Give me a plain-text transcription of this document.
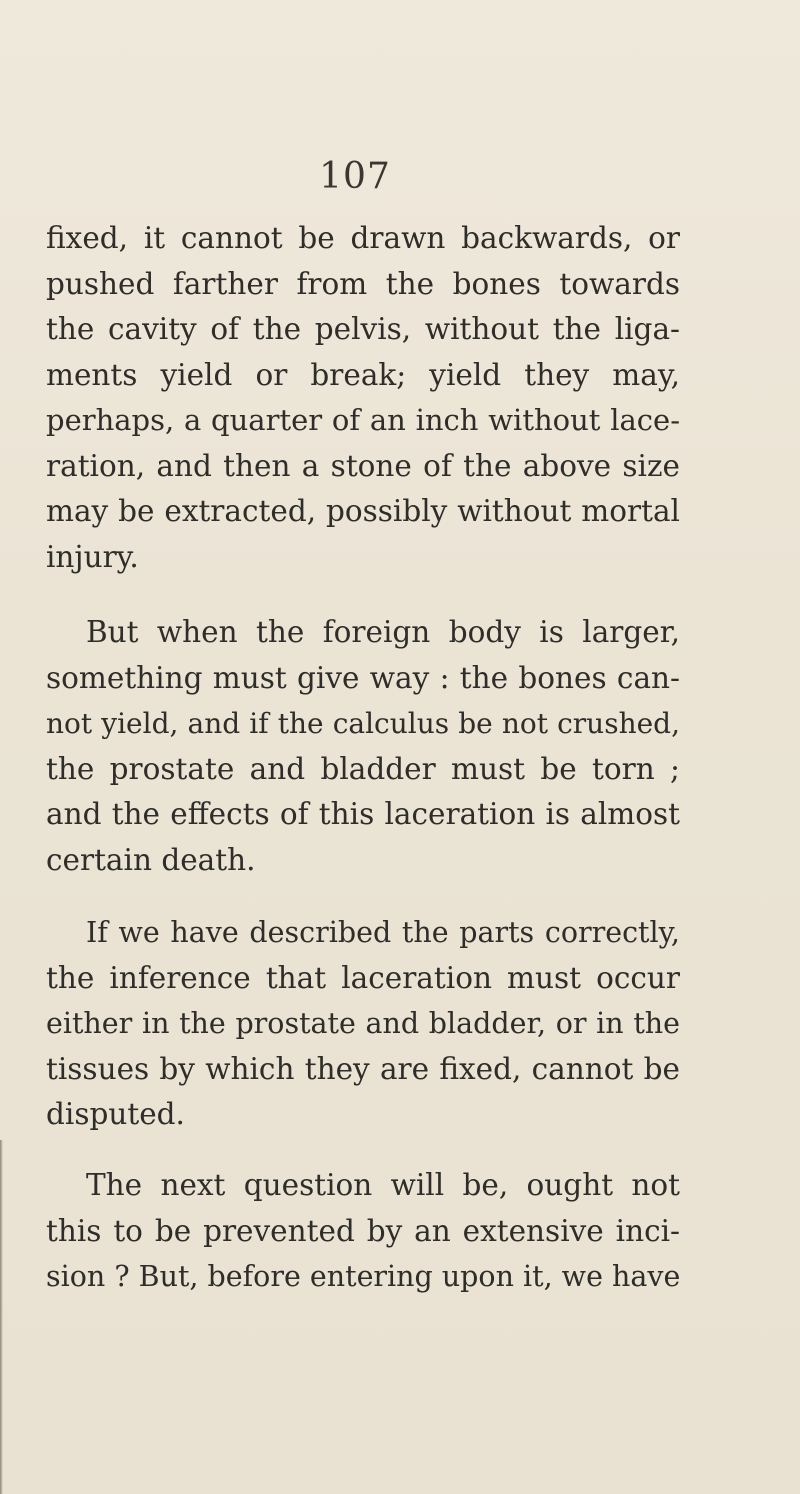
107
fixed, it cannot be drawn backwards, or
pushed farther from the bones towards
the cavity of the pelvis, without the liga-
ments yield or break; yield they may,
perhaps, a quarter of an inch without lace-
ration, and then a stone of the above size
may be extracted, possibly without mortal
injury.
But when the foreign body is larger,
something must give way : the bones can-
not yield, and if the calculus be not crushed,
the prostate and bladder must be torn ;
and the effects of this laceration is almost
certain death.
If we have described the parts correctly,
the inference that laceration must occur
either in the prostate and bladder, or in the
tissues by which they are fixed, cannot be
disputed.
The next question will be, ought not
this to be prevented by an extensive inci-
sion ? But, before entering upon it, we have
